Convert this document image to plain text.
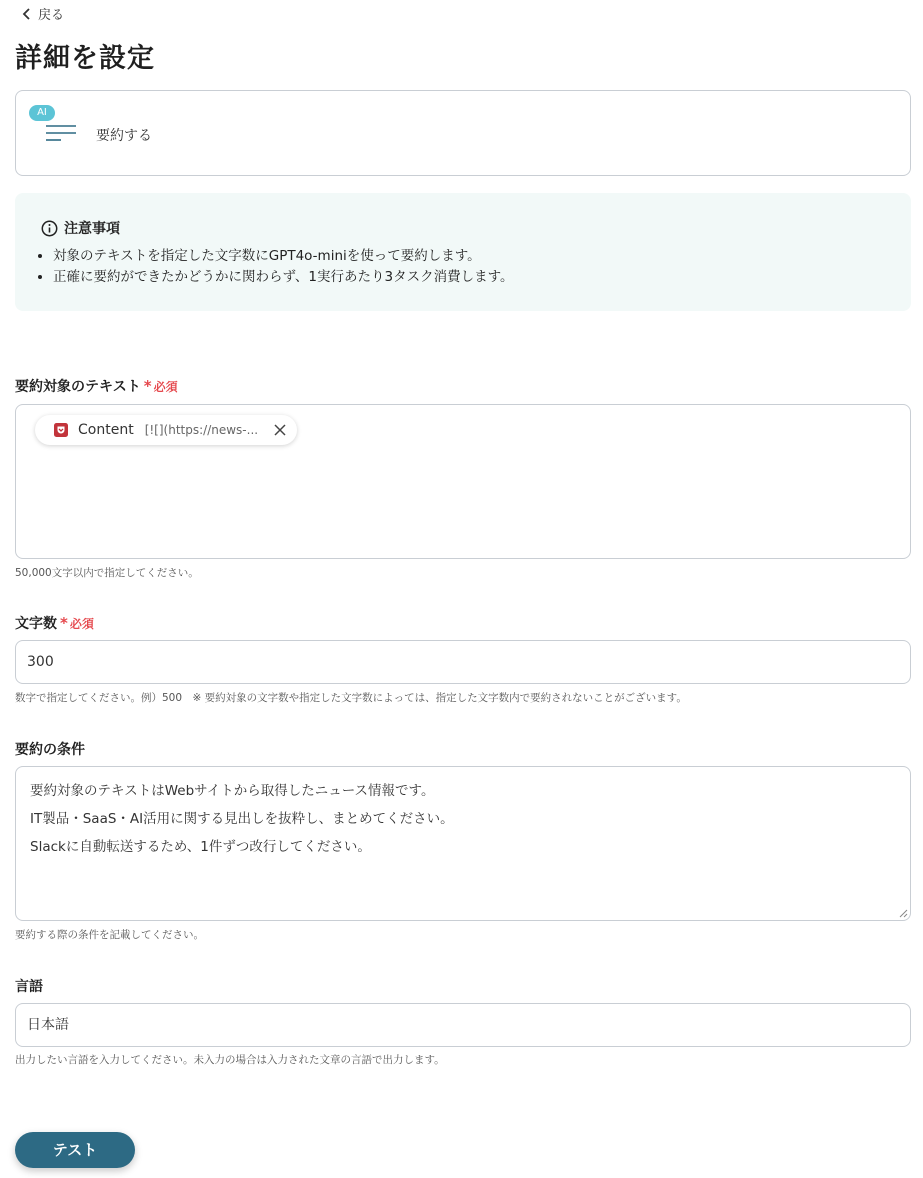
戻る
詳細を設定
AI
要約する
注意事項
• 対象のテキストを指定した文字数にGPT4o-miniを使って要約します。
• 正確に要約ができたかどうかに関わらず、1実行あたり3タスク消費します。
要約対象のテキスト * 必須
Content [![](https://news-...
50,000文字以内で指定してください。
文字数 * 必須
300
数字で指定してください。例）500　※ 要約対象の文字数や指定した文字数によっては、指定した文字数内で要約されないことがございます。
要約の条件
要約対象のテキストはWebサイトから取得したニュース情報です。
IT製品・SaaS・AI活用に関する見出しを抜粋し、まとめてください。
Slackに自動転送するため、1件ずつ改行してください。
要約する際の条件を記載してください。
言語
日本語
出力したい言語を入力してください。未入力の場合は入力された文章の言語で出力します。
テスト
